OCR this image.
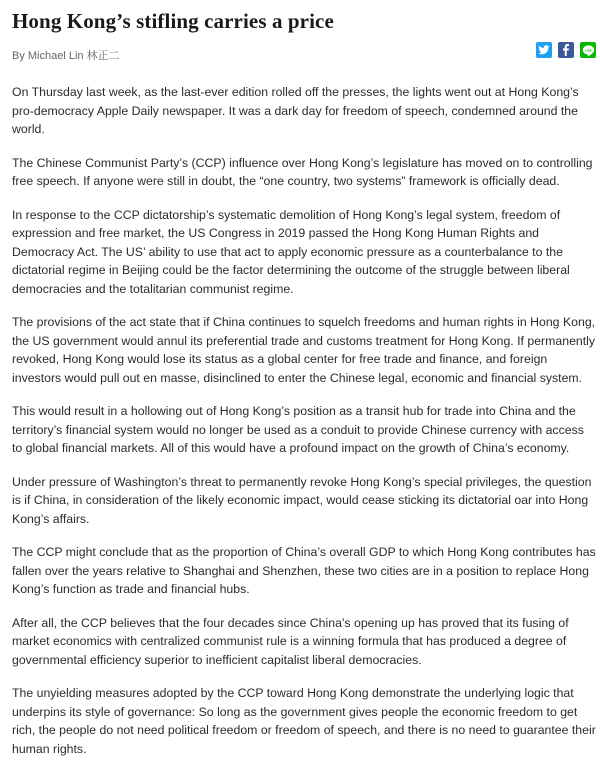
Hong Kong’s stifling carries a price
By Michael Lin 林正二
LINE

On Thursday last week, as the last-ever edition rolled off the presses, the lights went out at Hong Kong’s pro-democracy Apple Daily newspaper. It was a dark day for freedom of speech, condemned around the world.

The Chinese Communist Party’s (CCP) influence over Hong Kong’s legislature has moved on to controlling free speech. If anyone were still in doubt, the “one country, two systems” framework is officially dead.

In response to the CCP dictatorship’s systematic demolition of Hong Kong’s legal system, freedom of expression and free market, the US Congress in 2019 passed the Hong Kong Human Rights and Democracy Act. The US’ ability to use that act to apply economic pressure as a counterbalance to the dictatorial regime in Beijing could be the factor determining the outcome of the struggle between liberal democracies and the totalitarian communist regime.

The provisions of the act state that if China continues to squelch freedoms and human rights in Hong Kong, the US government would annul its preferential trade and customs treatment for Hong Kong. If permanently revoked, Hong Kong would lose its status as a global center for free trade and finance, and foreign investors would pull out en masse, disinclined to enter the Chinese legal, economic and financial system.

This would result in a hollowing out of Hong Kong’s position as a transit hub for trade into China and the territory’s financial system would no longer be used as a conduit to provide Chinese currency with access to global financial markets. All of this would have a profound impact on the growth of China’s economy.

Under pressure of Washington’s threat to permanently revoke Hong Kong’s special privileges, the question is if China, in consideration of the likely economic impact, would cease sticking its dictatorial oar into Hong Kong’s affairs.

The CCP might conclude that as the proportion of China’s overall GDP to which Hong Kong contributes has fallen over the years relative to Shanghai and Shenzhen, these two cities are in a position to replace Hong Kong’s function as trade and financial hubs.

After all, the CCP believes that the four decades since China’s opening up has proved that its fusing of market economics with centralized communist rule is a winning formula that has produced a degree of governmental efficiency superior to inefficient capitalist liberal democracies.

The unyielding measures adopted by the CCP toward Hong Kong demonstrate the underlying logic that underpins its style of governance: So long as the government gives people the economic freedom to get rich, the people do not need political freedom or freedom of speech, and there is no need to guarantee their human rights.
